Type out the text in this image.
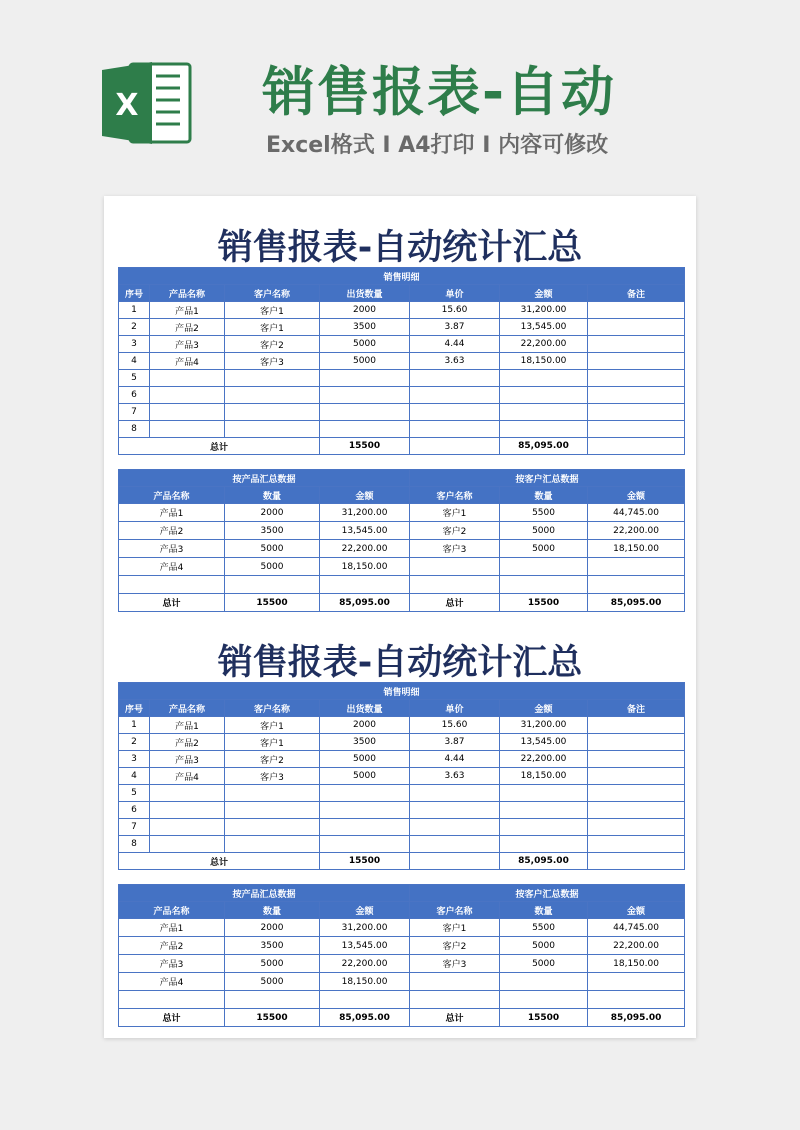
X 销售报表-自动
Excel格式 I A4打印 I 内容可修改
销售报表-自动统计汇总
销售明细						
序号	产品名称	客户名称	出货数量	单价	金额	备注
1	产品1	客户1	2000	15.60	31,200.00	
2	产品2	客户1	3500	3.87	13,545.00	
3	产品3	客户2	5000	4.44	22,200.00	
4	产品4	客户3	5000	3.63	18,150.00	
5						
6						
7						
8						
总计			15500		85,095.00	
按产品汇总数据			按客户汇总数据		
产品名称	数量	金额	客户名称	数量	金额
产品1	2000	31,200.00	客户1	5500	44,745.00
产品2	3500	13,545.00	客户2	5000	22,200.00
产品3	5000	22,200.00	客户3	5000	18,150.00
产品4	5000	18,150.00			

总计	15500	85,095.00	总计	15500	85,095.00
销售报表-自动统计汇总
销售明细						
序号	产品名称	客户名称	出货数量	单价	金额	备注
1	产品1	客户1	2000	15.60	31,200.00	
2	产品2	客户1	3500	3.87	13,545.00	
3	产品3	客户2	5000	4.44	22,200.00	
4	产品4	客户3	5000	3.63	18,150.00	
5						
6						
7						
8						
总计			15500		85,095.00	
按产品汇总数据			按客户汇总数据		
产品名称	数量	金额	客户名称	数量	金额
产品1	2000	31,200.00	客户1	5500	44,745.00
产品2	3500	13,545.00	客户2	5000	22,200.00
产品3	5000	22,200.00	客户3	5000	18,150.00
产品4	5000	18,150.00			

总计	15500	85,095.00	总计	15500	85,095.00
